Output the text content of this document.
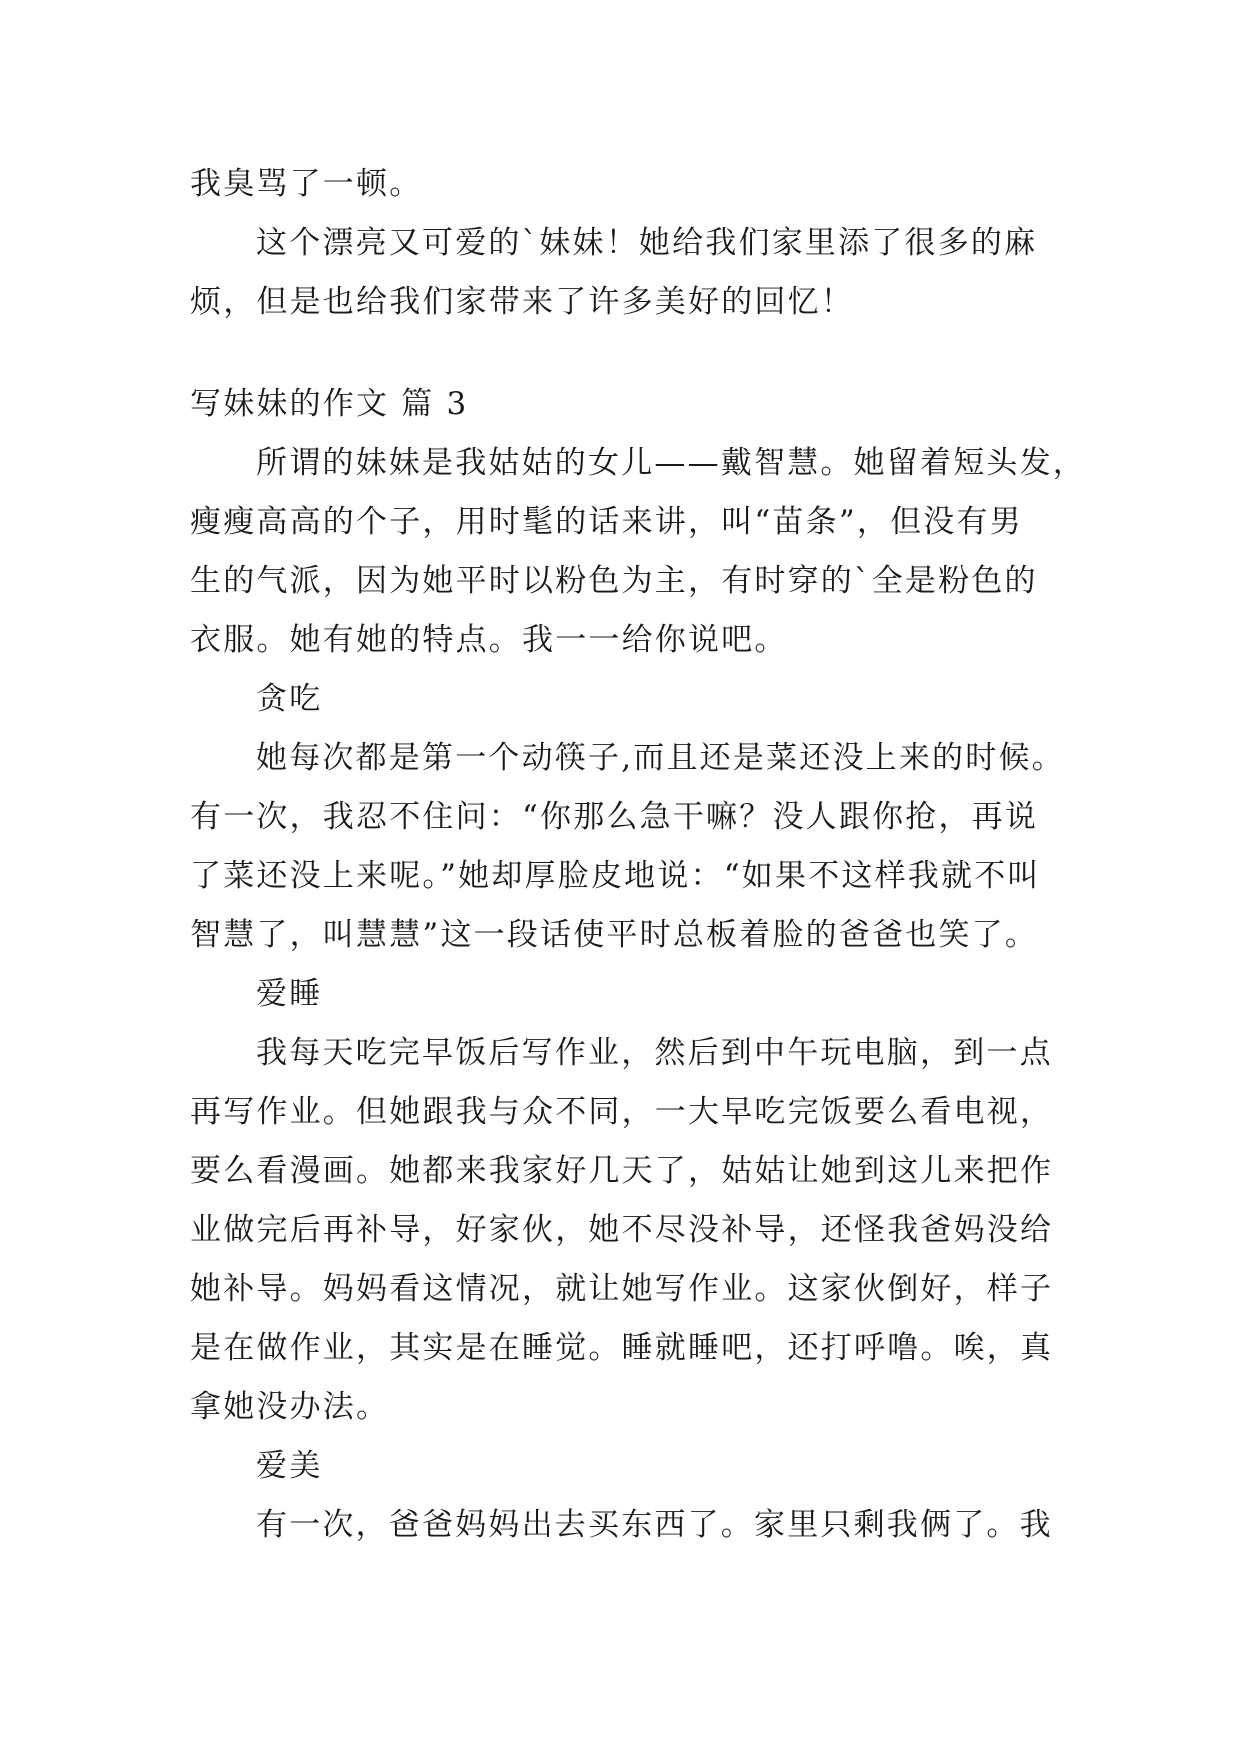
我臭骂了一顿。
这个漂亮又可爱的`妹妹！她给我们家里添了很多的麻
烦，但是也给我们家带来了许多美好的回忆！
写妹妹的作文 篇 3
所谓的妹妹是我姑姑的女儿——戴智慧。她留着短头发，
瘦瘦高高的个子，用时髦的话来讲，叫“苗条”，但没有男
生的气派，因为她平时以粉色为主，有时穿的`全是粉色的
衣服。她有她的特点。我一一给你说吧。
贪吃
她每次都是第一个动筷子,而且还是菜还没上来的时候。
有一次，我忍不住问：“你那么急干嘛？没人跟你抢，再说
了菜还没上来呢。”她却厚脸皮地说：“如果不这样我就不叫
智慧了，叫慧慧”这一段话使平时总板着脸的爸爸也笑了。
爱睡
我每天吃完早饭后写作业，然后到中午玩电脑，到一点
再写作业。但她跟我与众不同，一大早吃完饭要么看电视，
要么看漫画。她都来我家好几天了，姑姑让她到这儿来把作
业做完后再补导，好家伙，她不尽没补导，还怪我爸妈没给
她补导。妈妈看这情况，就让她写作业。这家伙倒好，样子
是在做作业，其实是在睡觉。睡就睡吧，还打呼噜。唉，真
拿她没办法。
爱美
有一次，爸爸妈妈出去买东西了。家里只剩我俩了。我
